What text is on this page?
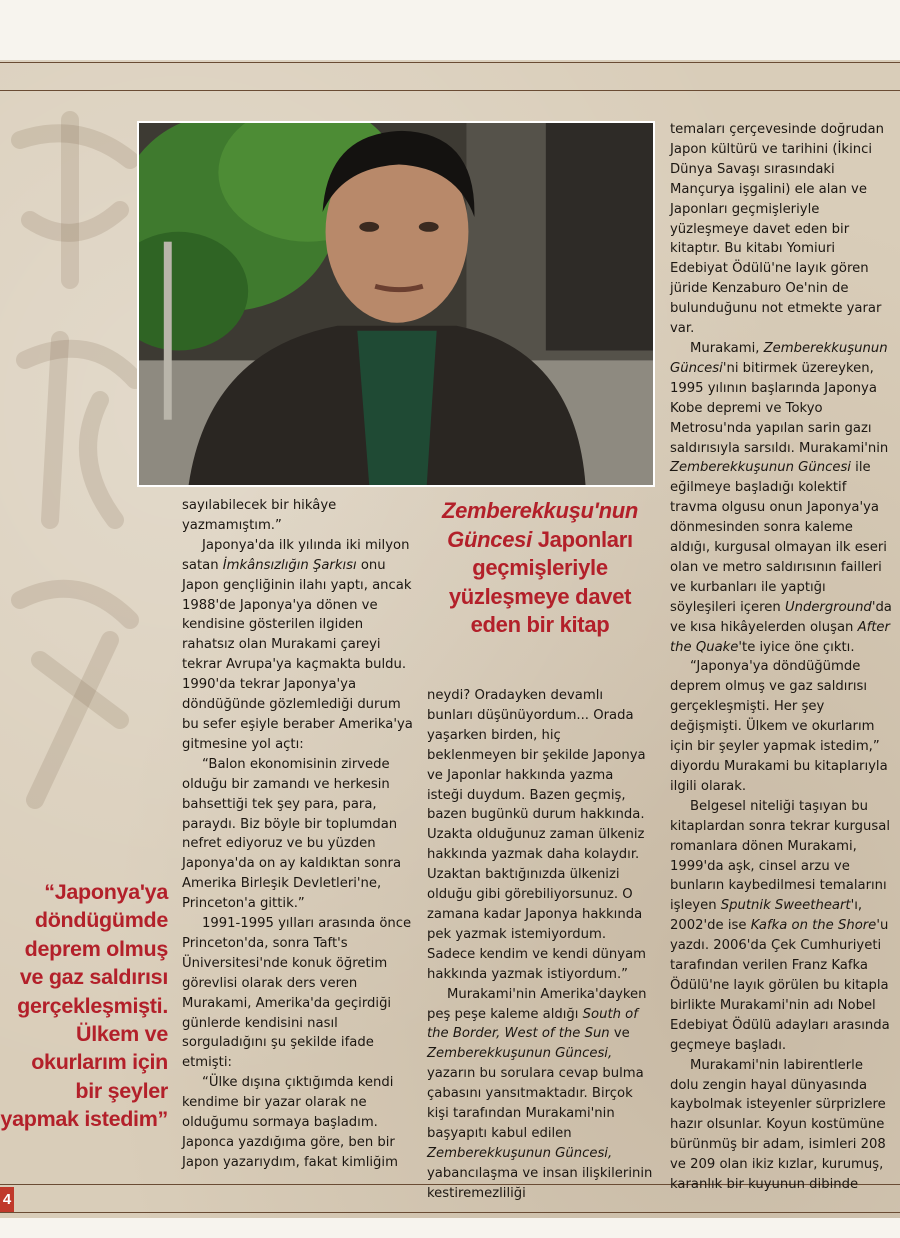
sayılabilecek bir hikâye yazmamıştım.”

Japonya'da ilk yılında iki milyon satan İmkânsızlığın Şarkısı onu Japon gençliğinin ilahı yaptı, ancak 1988'de Japonya'ya dönen ve kendisine gösterilen ilgiden rahatsız olan Murakami çareyi tekrar Avrupa'ya kaçmakta buldu. 1990'da tekrar Japonya'ya döndüğünde gözlemlediği durum bu sefer eşiyle beraber Amerika'ya gitmesine yol açtı:

“Balon ekonomisinin zirvede olduğu bir zamandı ve herkesin bahsettiği tek şey para, para, paraydı. Biz böyle bir toplumdan nefret ediyoruz ve bu yüzden Japonya'da on ay kaldıktan sonra Amerika Birleşik Devletleri'ne, Princeton'a gittik.”

1991-1995 yılları arasında önce Princeton'da, sonra Taft's Üniversitesi'nde konuk öğretim görevlisi olarak ders veren Murakami, Amerika'da geçirdiği günlerde kendisini nasıl sorguladığını şu şekilde ifade etmişti:

“Ülke dışına çıktığımda kendi kendime bir yazar olarak ne olduğumu sormaya başladım. Japonca yazdığıma göre, ben bir Japon yazarıydım, fakat kimliğim

Zemberekkuşu'nun Güncesi Japonları geçmişleriyle yüzleşmeye davet eden bir kitap

neydi? Oradayken devamlı bunları düşünüyordum... Orada yaşarken birden, hiç beklenmeyen bir şekilde Japonya ve Japonlar hakkında yazma isteği duydum. Bazen geçmiş, bazen bugünkü durum hakkında. Uzakta olduğunuz zaman ülkeniz hakkında yazmak daha kolaydır. Uzaktan baktığınızda ülkenizi olduğu gibi görebiliyorsunuz. O zamana kadar Japonya hakkında pek yazmak istemiyordum. Sadece kendim ve kendi dünyam hakkında yazmak istiyordum.”

Murakami'nin Amerika'dayken peş peşe kaleme aldığı South of the Border, West of the Sun ve Zemberekkuşunun Güncesi, yazarın bu sorulara cevap bulma çabasını yansıtmaktadır. Birçok kişi tarafından Murakami'nin başyapıtı kabul edilen Zemberekkuşunun Güncesi, yabancılaşma ve insan ilişkilerinin kestiremezliliği

temaları çerçevesinde doğrudan Japon kültürü ve tarihini (İkinci Dünya Savaşı sırasındaki Mançurya işgalini) ele alan ve Japonları geçmişleriyle yüzleşmeye davet eden bir kitaptır. Bu kitabı Yomiuri Edebiyat Ödülü'ne layık gören jüride Kenzaburo Oe'nin de bulunduğunu not etmekte yarar var.

Murakami, Zemberekkuşunun Güncesi'ni bitirmek üzereyken, 1995 yılının başlarında Japonya Kobe depremi ve Tokyo Metrosu'nda yapılan sarin gazı saldırısıyla sarsıldı. Murakami'nin Zemberekkuşunun Güncesi ile eğilmeye başladığı kolektif travma olgusu onun Japonya'ya dönmesinden sonra kaleme aldığı, kurgusal olmayan ilk eseri olan ve metro saldırısının failleri ve kurbanları ile yaptığı söyleşileri içeren Underground'da ve kısa hikâyelerden oluşan After the Quake'te iyice öne çıktı.

“Japonya'ya döndüğümde deprem olmuş ve gaz saldırısı gerçekleşmişti. Her şey değişmişti. Ülkem ve okurlarım için bir şeyler yapmak istedim,” diyordu Murakami bu kitaplarıyla ilgili olarak.

Belgesel niteliği taşıyan bu kitaplardan sonra tekrar kurgusal romanlara dönen Murakami, 1999'da aşk, cinsel arzu ve bunların kaybedilmesi temalarını işleyen Sputnik Sweetheart'ı, 2002'de ise Kafka on the Shore'u yazdı. 2006'da Çek Cumhuriyeti tarafından verilen Franz Kafka Ödülü'ne layık görülen bu kitapla birlikte Murakami'nin adı Nobel Edebiyat Ödülü adayları arasında geçmeye başladı.

Murakami'nin labirentlerle dolu zengin hayal dünyasında kaybolmak isteyenler sürprizlere hazır olsunlar. Koyun kostümüne bürünmüş bir adam, isimleri 208 ve 209 olan ikiz kızlar, kurumuş, karanlık bir kuyunun dibinde

“Japonya'ya döndügümde deprem olmuş ve gaz saldırısı gerçekleşmişti. Ülkem ve okurlarım için bir şeyler yapmak istedim”
4
